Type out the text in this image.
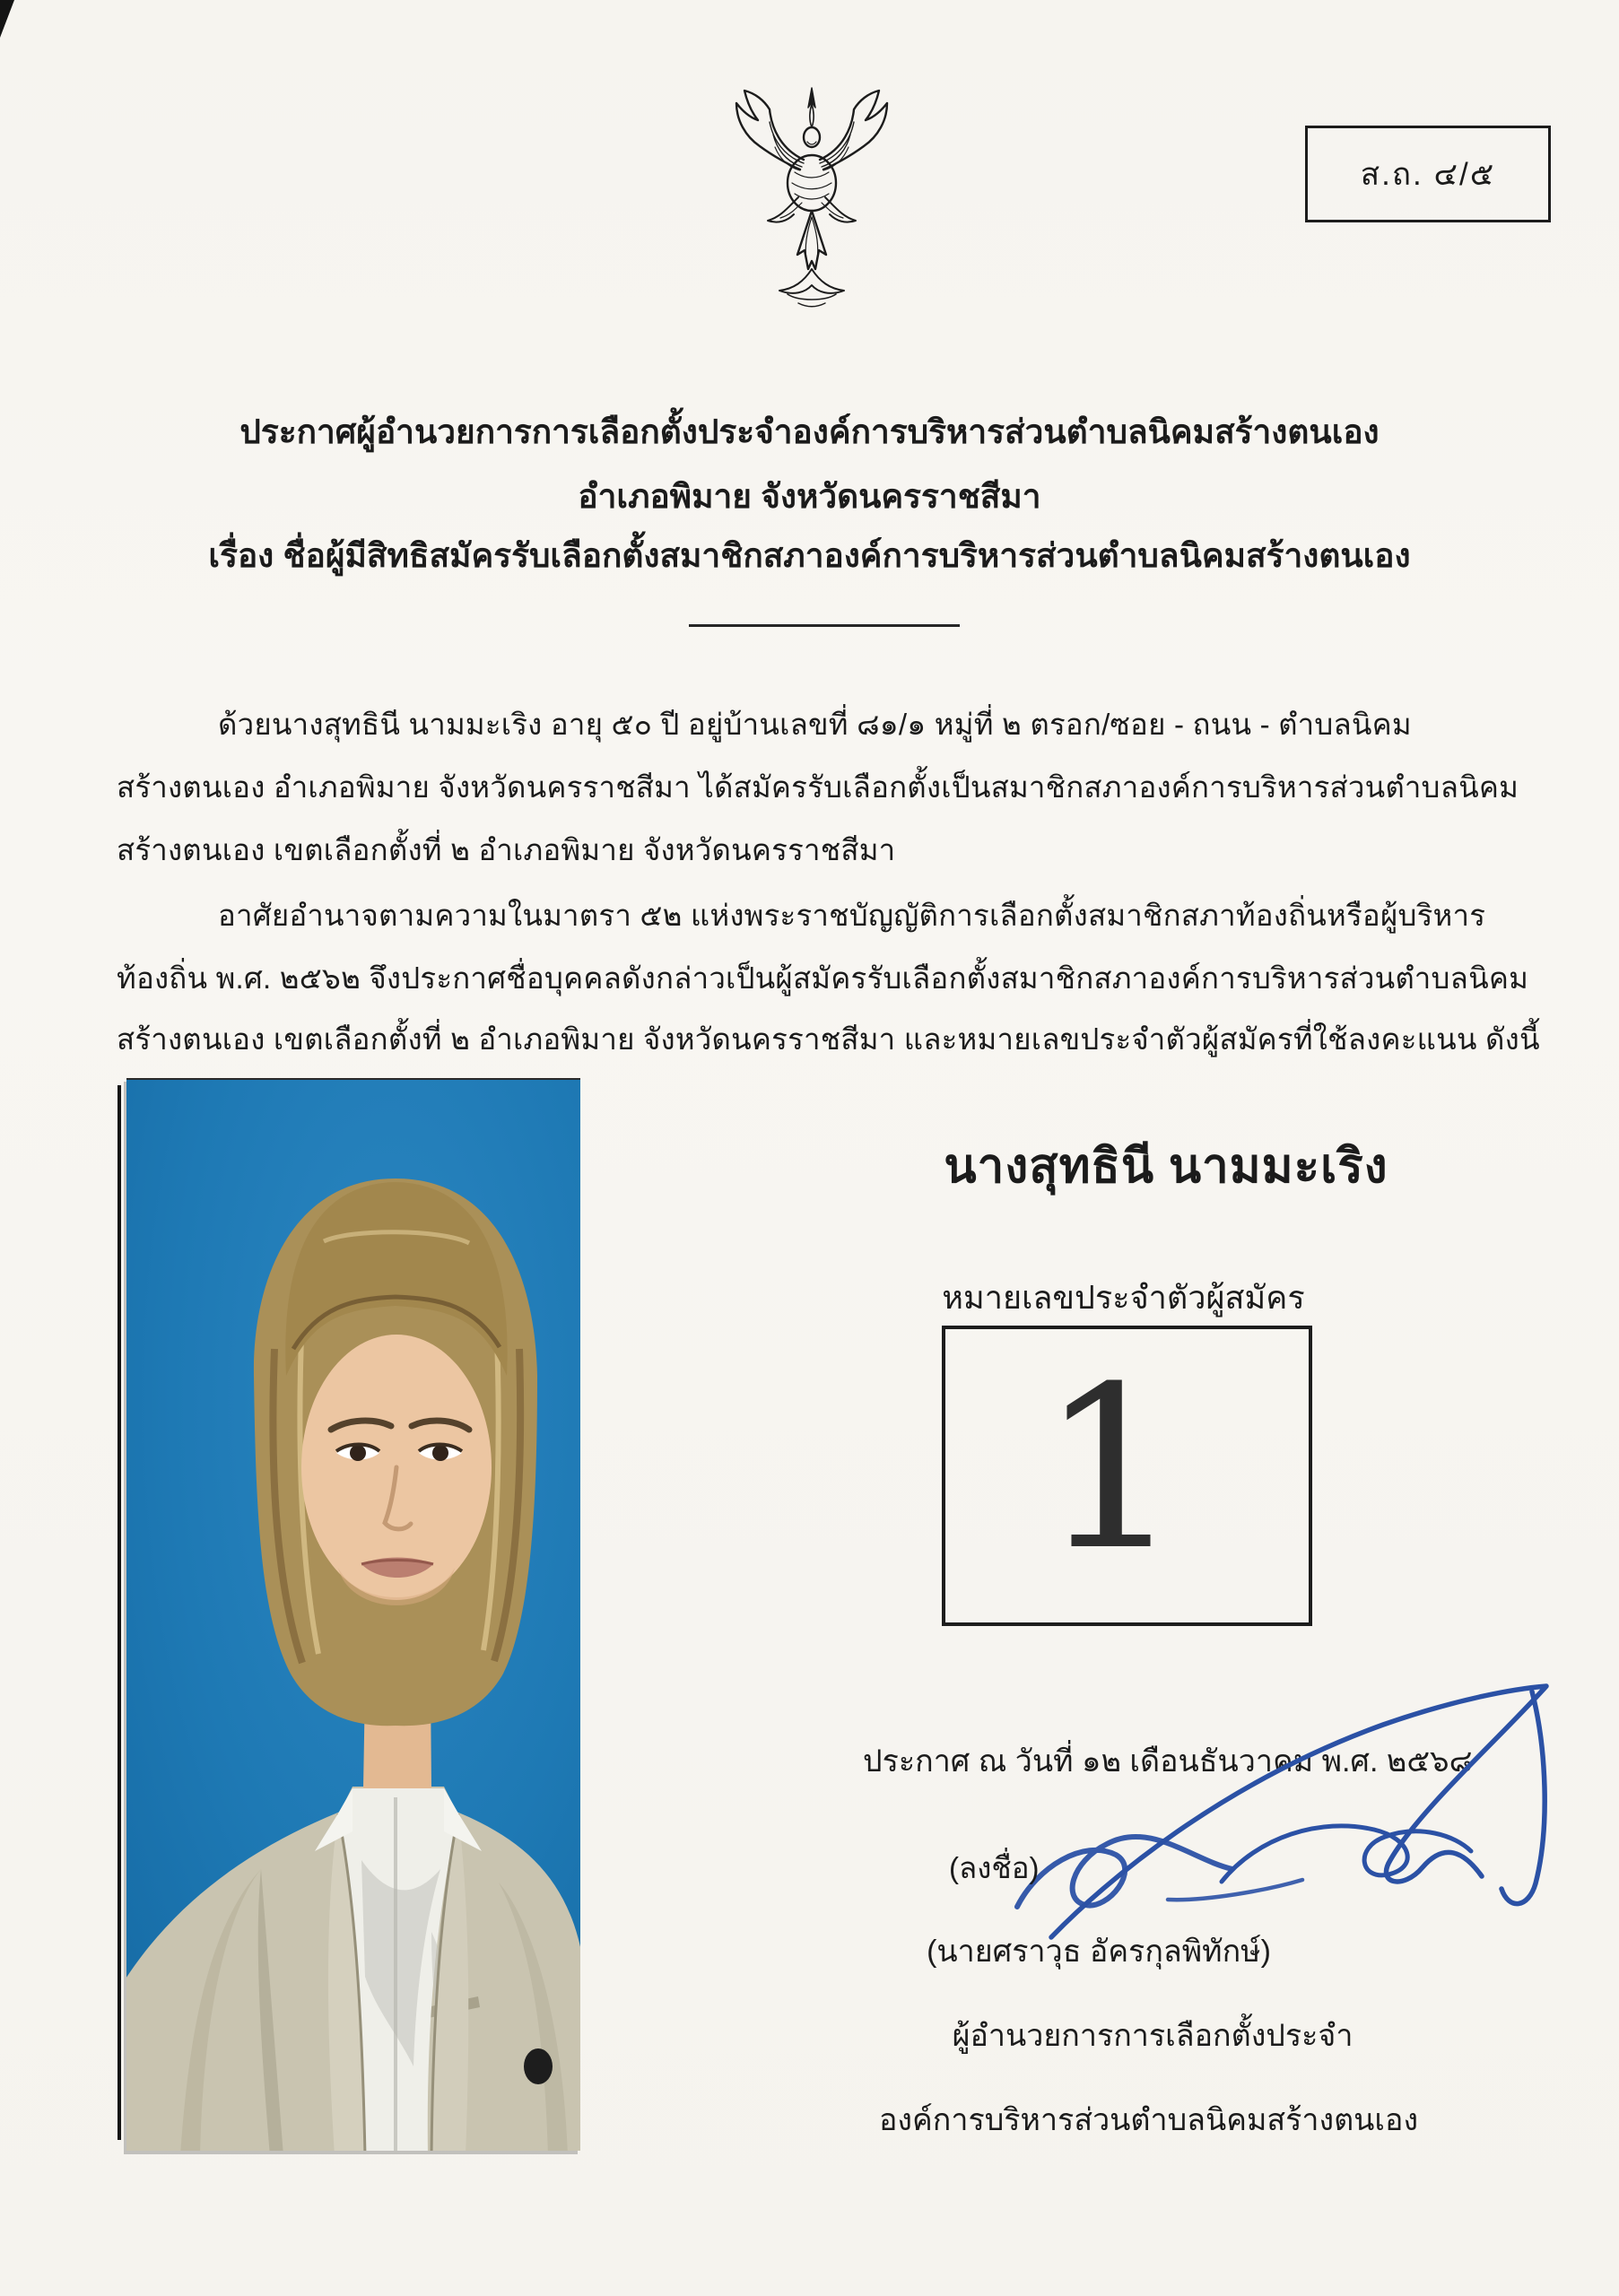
ส.ถ. ๔/๕
ประกาศผู้อำนวยการการเลือกตั้งประจำองค์การบริหารส่วนตำบลนิคมสร้างตนเอง
อำเภอพิมาย จังหวัดนครราชสีมา
เรื่อง ชื่อผู้มีสิทธิสมัครรับเลือกตั้งสมาชิกสภาองค์การบริหารส่วนตำบลนิคมสร้างตนเอง
ด้วยนางสุทธินี นามมะเริง อายุ ๕๐ ปี อยู่บ้านเลขที่ ๘๑/๑ หมู่ที่ ๒ ตรอก/ซอย - ถนน - ตำบลนิคม
สร้างตนเอง อำเภอพิมาย จังหวัดนครราชสีมา ได้สมัครรับเลือกตั้งเป็นสมาชิกสภาองค์การบริหารส่วนตำบลนิคม
สร้างตนเอง เขตเลือกตั้งที่ ๒ อำเภอพิมาย จังหวัดนครราชสีมา
อาศัยอำนาจตามความในมาตรา ๕๒ แห่งพระราชบัญญัติการเลือกตั้งสมาชิกสภาท้องถิ่นหรือผู้บริหาร
ท้องถิ่น พ.ศ. ๒๕๖๒ จึงประกาศชื่อบุคคลดังกล่าวเป็นผู้สมัครรับเลือกตั้งสมาชิกสภาองค์การบริหารส่วนตำบลนิคม
สร้างตนเอง เขตเลือกตั้งที่ ๒ อำเภอพิมาย จังหวัดนครราชสีมา และหมายเลขประจำตัวผู้สมัครที่ใช้ลงคะแนน ดังนี้
นางสุทธินี นามมะเริง
หมายเลขประจำตัวผู้สมัคร
1
ประกาศ ณ วันที่ ๑๒ เดือนธันวาคม พ.ศ. ๒๕๖๘
(ลงชื่อ)
(นายศราวุธ อัครกุลพิทักษ์)
ผู้อำนวยการการเลือกตั้งประจำ
องค์การบริหารส่วนตำบลนิคมสร้างตนเอง
